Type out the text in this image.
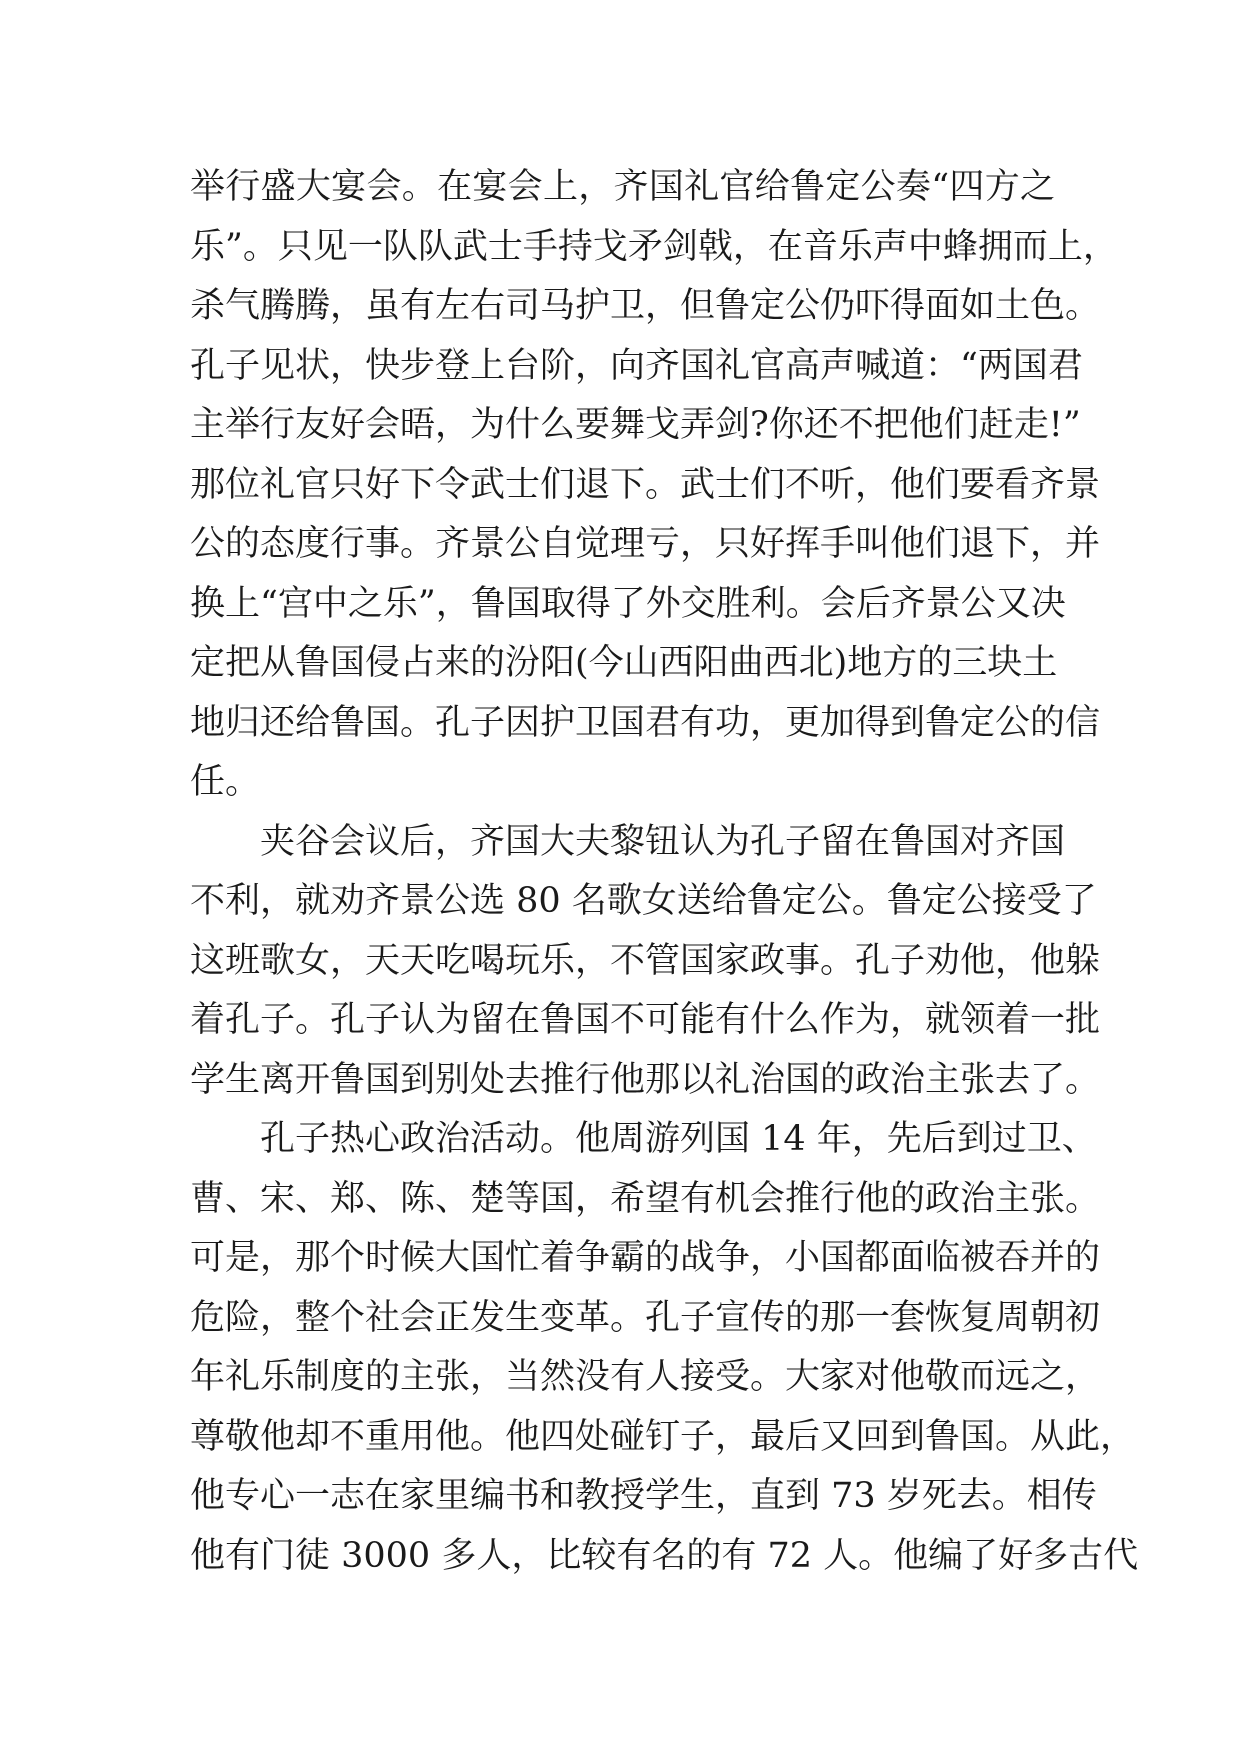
举行盛大宴会。在宴会上，齐国礼官给鲁定公奏“四方之
乐”。只见一队队武士手持戈矛剑戟，在音乐声中蜂拥而上，
杀气腾腾，虽有左右司马护卫，但鲁定公仍吓得面如土色。
孔子见状，快步登上台阶，向齐国礼官高声喊道：“两国君
主举行友好会晤，为什么要舞戈弄剑?你还不把他们赶走!”
那位礼官只好下令武士们退下。武士们不听，他们要看齐景
公的态度行事。齐景公自觉理亏，只好挥手叫他们退下，并
换上“宫中之乐”，鲁国取得了外交胜利。会后齐景公又决
定把从鲁国侵占来的汾阳(今山西阳曲西北)地方的三块土
地归还给鲁国。孔子因护卫国君有功，更加得到鲁定公的信
任。
夹谷会议后，齐国大夫黎钮认为孔子留在鲁国对齐国
不利，就劝齐景公选 80 名歌女送给鲁定公。鲁定公接受了
这班歌女，天天吃喝玩乐，不管国家政事。孔子劝他，他躲
着孔子。孔子认为留在鲁国不可能有什么作为，就领着一批
学生离开鲁国到别处去推行他那以礼治国的政治主张去了。
孔子热心政治活动。他周游列国 14 年，先后到过卫、
曹、宋、郑、陈、楚等国，希望有机会推行他的政治主张。
可是，那个时候大国忙着争霸的战争，小国都面临被吞并的
危险，整个社会正发生变革。孔子宣传的那一套恢复周朝初
年礼乐制度的主张，当然没有人接受。大家对他敬而远之，
尊敬他却不重用他。他四处碰钉子，最后又回到鲁国。从此，
他专心一志在家里编书和教授学生，直到 73 岁死去。相传
他有门徒 3000 多人，比较有名的有 72 人。他编了好多古代
